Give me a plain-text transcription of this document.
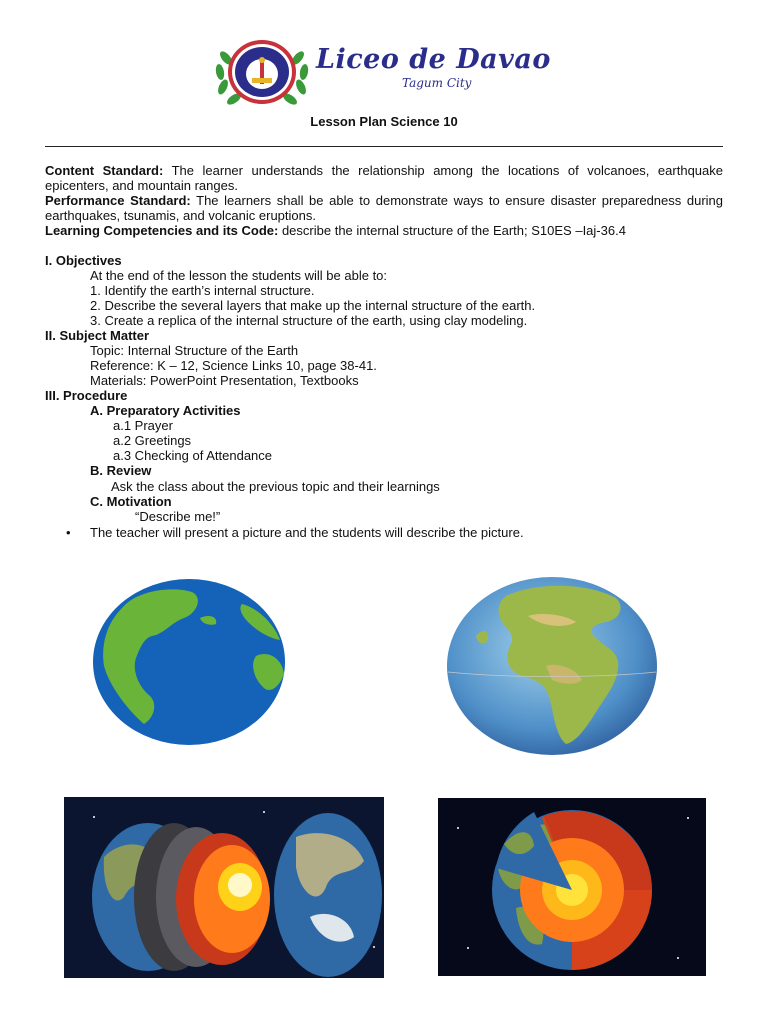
Liceo de Davao
Tagum City
Lesson Plan Science 10
Content Standard: The learner understands the relationship among the locations of volcanoes, earthquake epicenters, and mountain ranges.
Performance Standard: The learners shall be able to demonstrate ways to ensure disaster preparedness during earthquakes, tsunamis, and volcanic eruptions.
Learning Competencies and its Code: describe the internal structure of the Earth; S10ES –Iaj-36.4
I. Objectives
At the end of the lesson the students will be able to:
1. Identify the earth’s internal structure.
2. Describe the several layers that make up the internal structure of the earth.
3. Create a replica of the internal structure of the earth, using clay modeling.
II. Subject Matter
Topic: Internal Structure of the Earth
Reference: K – 12, Science Links 10, page 38-41.
Materials: PowerPoint Presentation, Textbooks
III. Procedure
A. Preparatory Activities
a.1 Prayer
a.2 Greetings
a.3 Checking of Attendance
B. Review
Ask the class about the previous topic and their learnings
C. Motivation
“Describe me!”
• The teacher will present a picture and the students will describe the picture.
